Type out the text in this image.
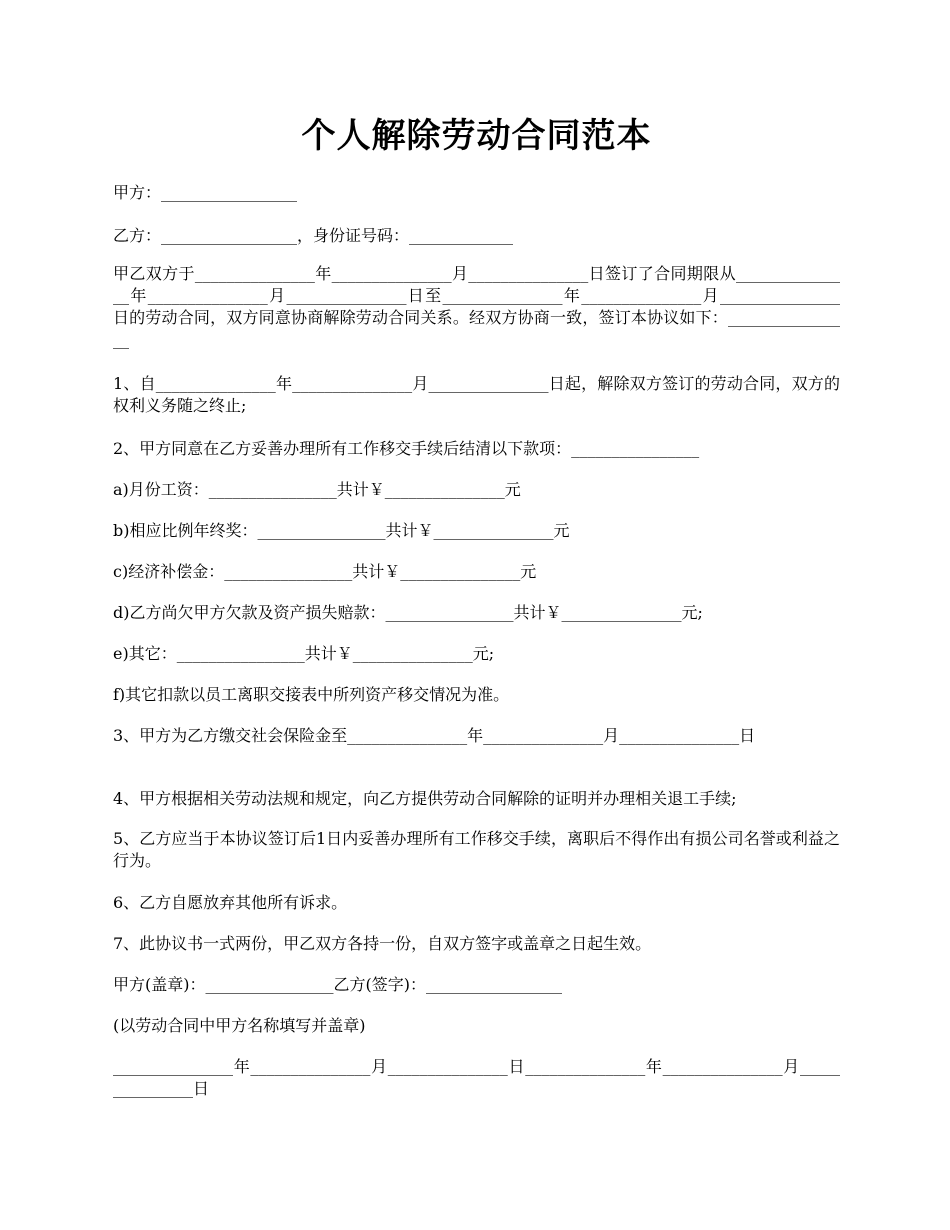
个人解除劳动合同范本
甲方：_________________
乙方：_________________，身份证号码：_____________
甲乙双方于_______________年_______________月_______________日签订了合同期限从_______________年_______________月_______________日至_______________年_______________月_______________日的劳动合同，双方同意协商解除劳动合同关系。经双方协商一致，签订本协议如下：________________
1、自_______________年_______________月_______________日起，解除双方签订的劳动合同，双方的权利义务随之终止;
2、甲方同意在乙方妥善办理所有工作移交手续后结清以下款项：________________
a)月份工资：________________共计￥_______________元
b)相应比例年终奖：________________共计￥_______________元
c)经济补偿金：________________共计￥_______________元
d)乙方尚欠甲方欠款及资产损失赔款：________________共计￥_______________元;
e)其它：________________共计￥_______________元;
f)其它扣款以员工离职交接表中所列资产移交情况为准。
3、甲方为乙方缴交社会保险金至_______________年_______________月_______________日
4、甲方根据相关劳动法规和规定，向乙方提供劳动合同解除的证明并办理相关退工手续;
5、乙方应当于本协议签订后1日内妥善办理所有工作移交手续，离职后不得作出有损公司名誉或利益之行为。
6、乙方自愿放弃其他所有诉求。
7、此协议书一式两份，甲乙双方各持一份，自双方签字或盖章之日起生效。
甲方(盖章)：________________乙方(签字)：_________________
(以劳动合同中甲方名称填写并盖章)
_______________年_______________月_______________日_______________年_______________月_______________日
